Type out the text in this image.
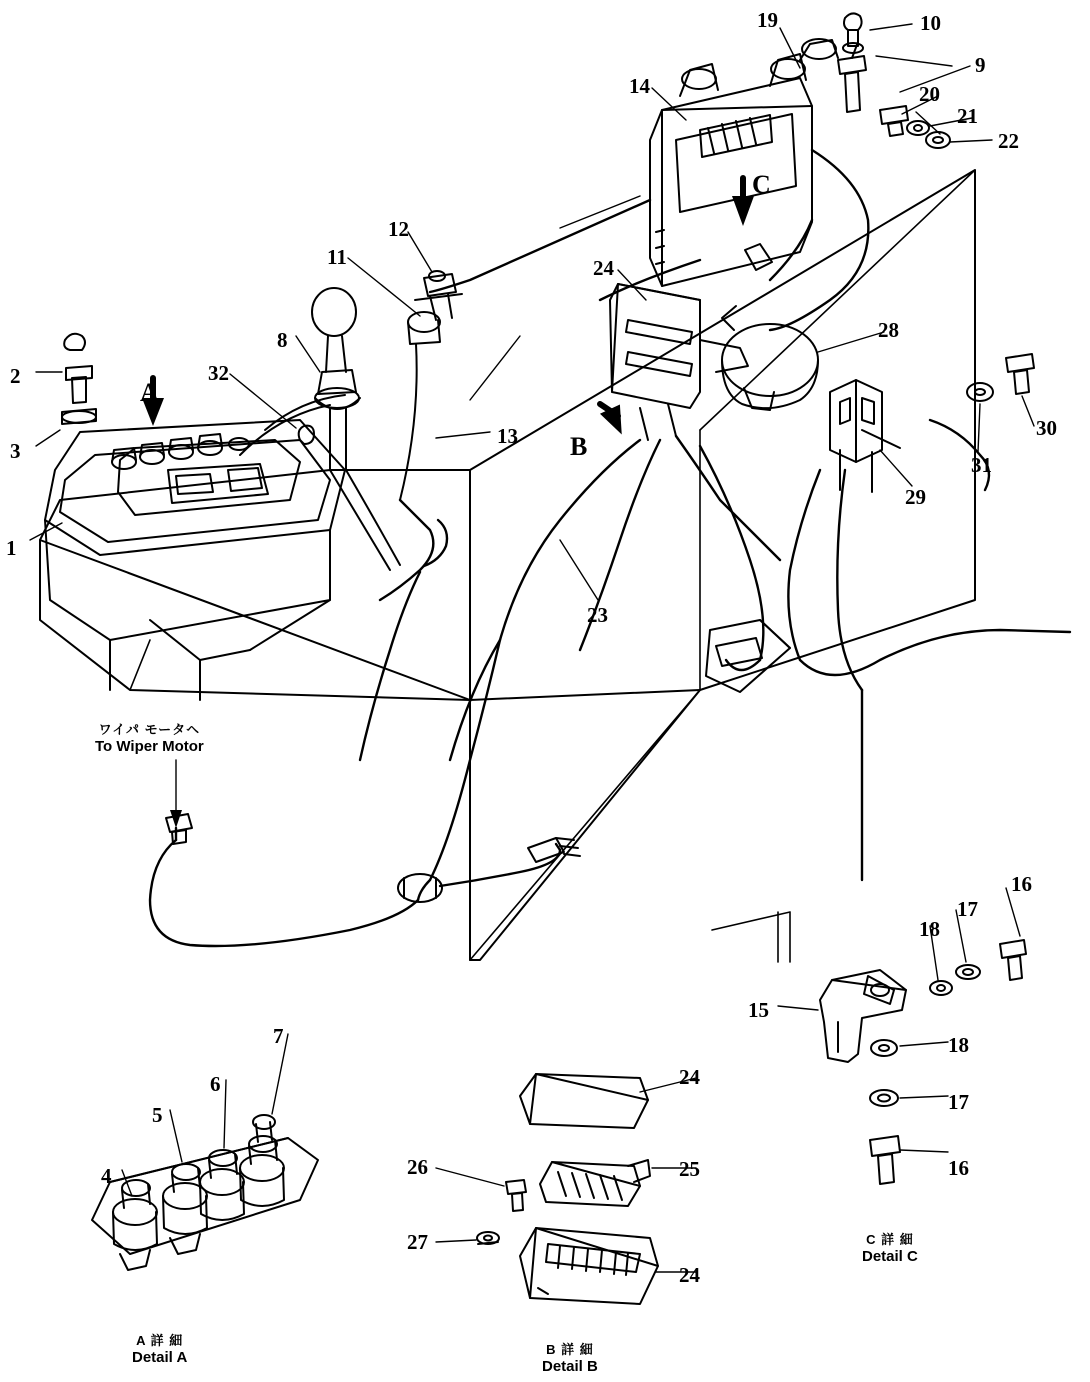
1
2
3
4
5
6
7
8
9
10
11
12
13
14
15
16
16
17
17
18
18
19
20
21
22
23
24
24
24
25
26
27
28
29
30
31
32
A
B
C
ワイパ モータヘ
To Wiper Motor
A 詳 細
Detail A	B 詳 細
Detail B
C 詳 細
Detail C
